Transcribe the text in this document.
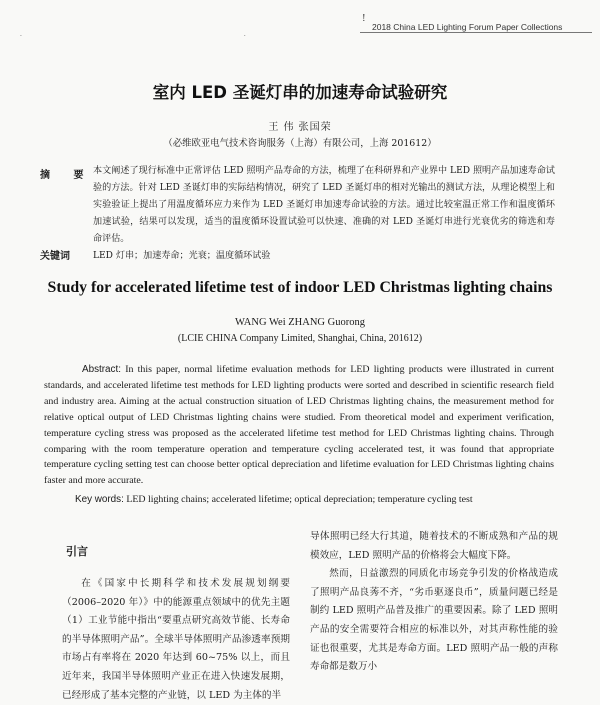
!
2018 China LED Lighting Forum Paper Collections
· ·
室内 LED 圣诞灯串的加速寿命试验研究
王 伟 张国荣
（必维欧亚电气技术咨询服务（上海）有限公司，上海 201612）
摘 要 本文阐述了现行标准中正常评估 LED 照明产品寿命的方法，梳理了在科研界和产业界中 LED 照明产品加速寿命试验的方法。针对 LED 圣诞灯串的实际结构情况，研究了 LED 圣诞灯串的相对光输出的测试方法，从理论模型上和实验验证上提出了用温度循环应力来作为 LED 圣诞灯串加速寿命试验的方法。通过比较室温正常工作和温度循环加速试验，结果可以发现，适当的温度循环设置试验可以快速、准确的对 LED 圣诞灯串进行光衰优劣的筛选和寿命评估。
关键词	LED 灯串；加速寿命；光衰；温度循环试验
Study for accelerated lifetime test of indoor LED Christmas lighting chains
WANG Wei ZHANG Guorong
(LCIE CHINA Company Limited, Shanghai, China, 201612)
Abstract: In this paper, normal lifetime evaluation methods for LED lighting products were illustrated in current standards, and accelerated lifetime test methods for LED lighting products were sorted and described in scientific research field and industry area. Aiming at the actual construction situation of LED Christmas lighting chains, the measurement method for relative optical output of LED Christmas lighting chains were studied. From theoretical model and experiment verification, temperature cycling stress was proposed as the accelerated lifetime test method for LED Christmas lighting chains. Through comparing with the room temperature operation and temperature cycling accelerated test, it was found that appropriate temperature cycling setting test can choose better optical depreciation and lifetime evaluation for LED Christmas lighting chains faster and more accurate.
Key words: LED lighting chains; accelerated lifetime; optical depreciation; temperature cycling test
引言
在《国家中长期科学和技术发展规划纲要（2006–2020 年）》中的能源重点领域中的优先主题（1）工业节能中指出“要重点研究高效节能、长寿命的半导体照明产品”。全球半导体照明产品渗透率预期市场占有率将在 2020 年达到 60~75% 以上，而且近年来，我国半导体照明产业正在进入快速发展期，已经形成了基本完整的产业链，以 LED 为主体的半
导体照明已经大行其道，随着技术的不断成熟和产品的规模效应，LED 照明产品的价格将会大幅度下降。
然而，日益激烈的同质化市场竞争引发的价格战造成了照明产品良莠不齐，“劣币驱逐良币”，质量问题已经是制约 LED 照明产品普及推广的重要因素。除了 LED 照明产品的安全需要符合相应的标准以外，对其声称性能的验证也很重要，尤其是寿命方面。LED 照明产品一般的声称寿命都是数万小
